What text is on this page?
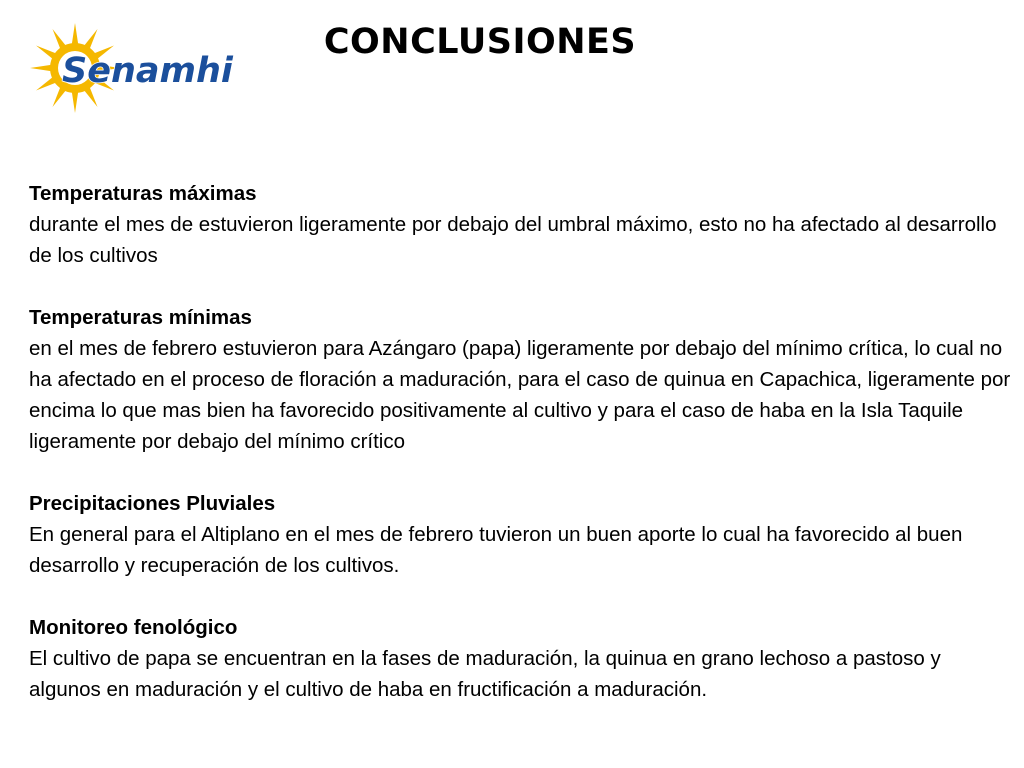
Senamhi
CONCLUSIONES
Temperaturas máximas
durante el mes de estuvieron ligeramente por debajo del umbral máximo, esto no ha afectado al desarrollo de los cultivos
Temperaturas mínimas
en el mes de febrero estuvieron para Azángaro (papa) ligeramente por debajo del mínimo crítica, lo cual no ha afectado en el proceso de floración a maduración, para el caso de quinua en Capachica, ligeramente por encima lo que mas bien ha favorecido positivamente al cultivo y para el caso de haba en la Isla Taquile ligeramente por debajo del mínimo crítico
Precipitaciones Pluviales
En general para el Altiplano en el mes de febrero tuvieron un buen aporte lo cual ha favorecido al buen desarrollo y recuperación de los cultivos.
Monitoreo fenológico
El cultivo de papa se encuentran en la fases de maduración, la quinua en grano lechoso a pastoso y algunos en maduración y el cultivo de haba en fructificación a maduración.
